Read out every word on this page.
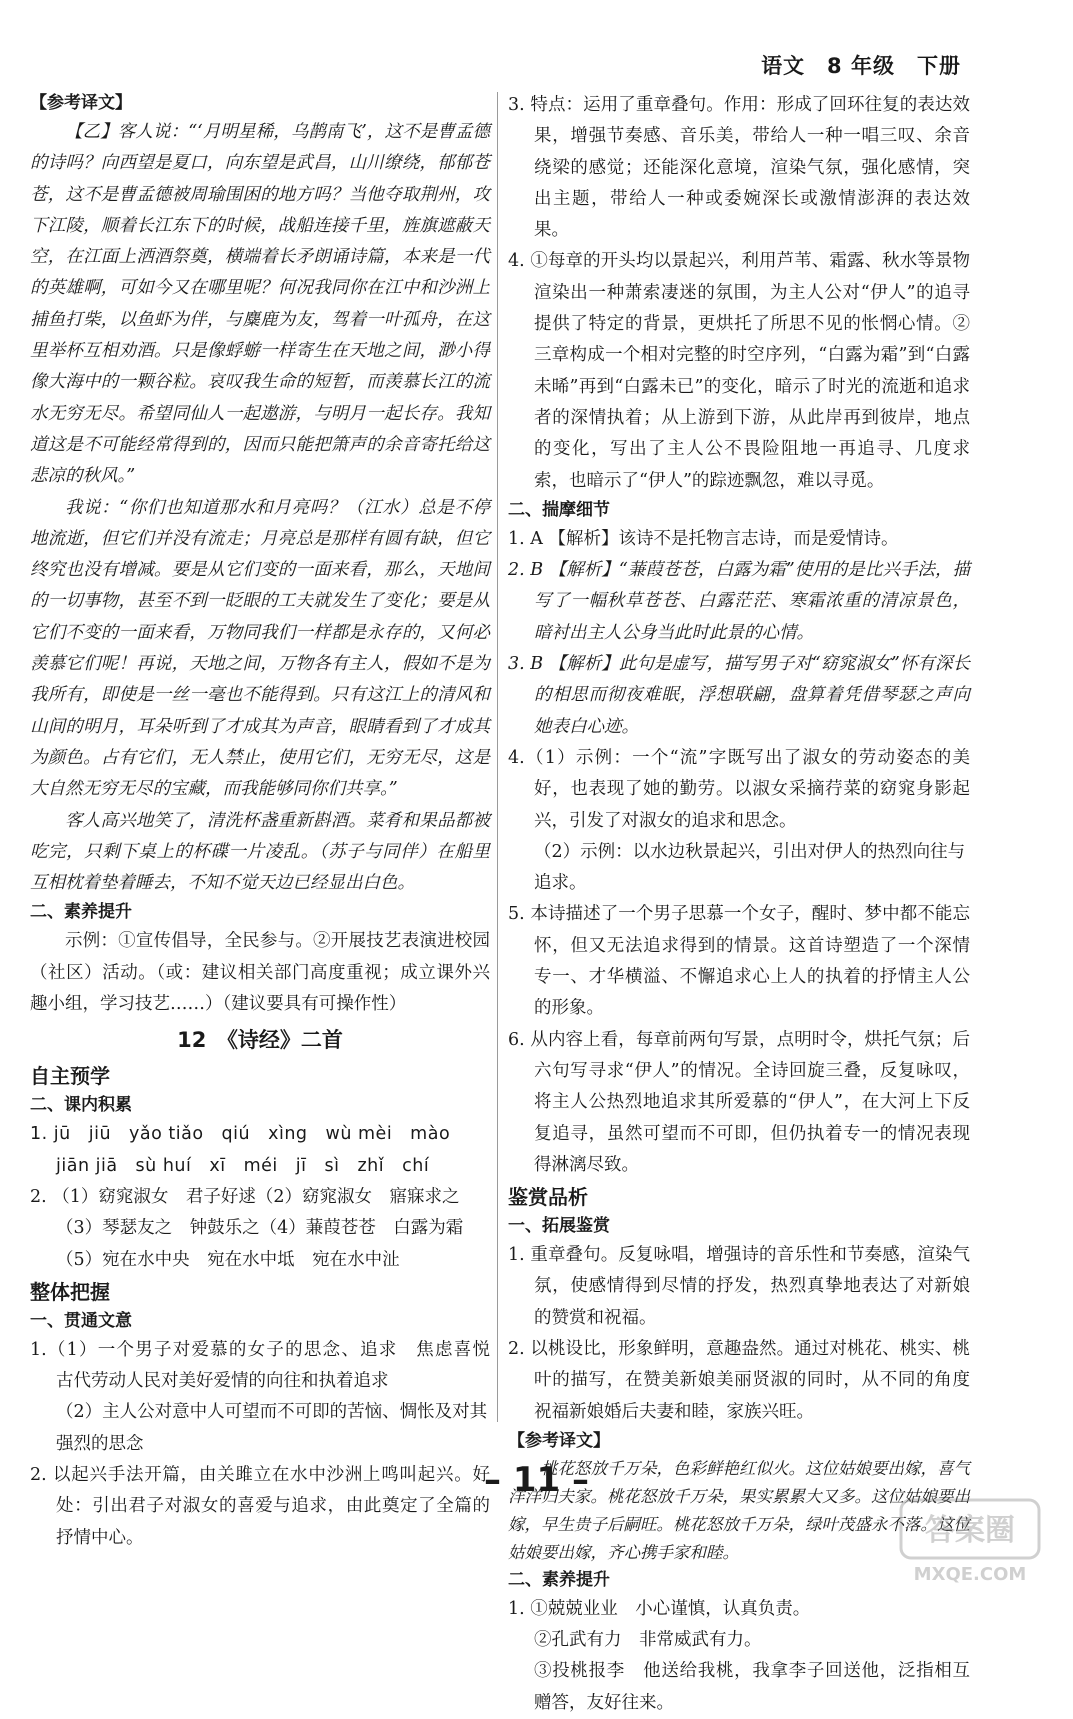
语文　8 年级　下册
【参考译文】
【乙】客人说：“‘月明星稀，乌鹊南飞’，这不是曹孟德的诗吗？向西望是夏口，向东望是武昌，山川缭绕，郁郁苍苍，这不是曹孟德被周瑜围困的地方吗？当他夺取荆州，攻下江陵，顺着长江东下的时候，战船连接千里，旌旗遮蔽天空，在江面上洒酒祭奠，横端着长矛朗诵诗篇，本来是一代的英雄啊，可如今又在哪里呢？何况我同你在江中和沙洲上捕鱼打柴，以鱼虾为伴，与麋鹿为友，驾着一叶孤舟，在这里举杯互相劝酒。只是像蜉蝣一样寄生在天地之间，渺小得像大海中的一颗谷粒。哀叹我生命的短暂，而羡慕长江的流水无穷无尽。希望同仙人一起遨游，与明月一起长存。我知道这是不可能经常得到的，因而只能把箫声的余音寄托给这悲凉的秋风。”
我说：“你们也知道那水和月亮吗？（江水）总是不停地流逝，但它们并没有流走；月亮总是那样有圆有缺，但它终究也没有增减。要是从它们变的一面来看，那么，天地间的一切事物，甚至不到一眨眼的工夫就发生了变化；要是从它们不变的一面来看，万物同我们一样都是永存的，又何必羡慕它们呢！再说，天地之间，万物各有主人，假如不是为我所有，即使是一丝一毫也不能得到。只有这江上的清风和山间的明月，耳朵听到了才成其为声音，眼睛看到了才成其为颜色。占有它们，无人禁止，使用它们，无穷无尽，这是大自然无穷无尽的宝藏，而我能够同你们共享。”
客人高兴地笑了，清洗杯盏重新斟酒。菜肴和果品都被吃完，只剩下桌上的杯碟一片凌乱。（苏子与同伴）在船里互相枕着垫着睡去，不知不觉天边已经显出白色。
二、素养提升
示例：①宣传倡导，全民参与。②开展技艺表演进校园（社区）活动。（或：建议相关部门高度重视；成立课外兴趣小组，学习技艺……）（建议要具有可操作性）
12　《诗经》二首
自主预学
二、课内积累
1. jū　jiū　yǎo tiǎo　qiú　xìng　wù mèi　mào
jiān jiā　sù huí　xī　méi　jī　sì　zhǐ　chí
2. （1）窈窕淑女　君子好逑（2）窈窕淑女　寤寐求之
（3）琴瑟友之　钟鼓乐之（4）蒹葭苍苍　白露为霜
（5）宛在水中央　宛在水中坻　宛在水中沚
整体把握
一、贯通文意
1.（1）一个男子对爱慕的女子的思念、追求　焦虑喜悦　古代劳动人民对美好爱情的向往和执着追求
（2）主人公对意中人可望而不可即的苦恼、惆怅及对其强烈的思念
2. 以起兴手法开篇，由关雎立在水中沙洲上鸣叫起兴。好处：引出君子对淑女的喜爱与追求，由此奠定了全篇的抒情中心。
3. 特点：运用了重章叠句。作用：形成了回环往复的表达效果，增强节奏感、音乐美，带给人一种一唱三叹、余音绕梁的感觉；还能深化意境，渲染气氛，强化感情，突出主题，带给人一种或委婉深长或激情澎湃的表达效果。
4. ①每章的开头均以景起兴，利用芦苇、霜露、秋水等景物渲染出一种萧索凄迷的氛围，为主人公对“伊人”的追寻提供了特定的背景，更烘托了所思不见的怅惘心情。②三章构成一个相对完整的时空序列，“白露为霜”到“白露未晞”再到“白露未已”的变化，暗示了时光的流逝和追求者的深情执着；从上游到下游，从此岸再到彼岸，地点的变化，写出了主人公不畏险阻地一再追寻、几度求索，也暗示了“伊人”的踪迹飘忽，难以寻觅。
二、揣摩细节
1. A 【解析】该诗不是托物言志诗，而是爱情诗。
2. B 【解析】“蒹葭苍苍，白露为霜”使用的是比兴手法，描写了一幅秋草苍苍、白露茫茫、寒霜浓重的清凉景色，暗衬出主人公身当此时此景的心情。
3. B 【解析】此句是虚写，描写男子对“窈窕淑女”怀有深长的相思而彻夜难眠，浮想联翩，盘算着凭借琴瑟之声向她表白心迹。
4.（1）示例：一个“流”字既写出了淑女的劳动姿态的美好，也表现了她的勤劳。以淑女采摘荇菜的窈窕身影起兴，引发了对淑女的追求和思念。
（2）示例：以水边秋景起兴，引出对伊人的热烈向往与追求。
5. 本诗描述了一个男子思慕一个女子，醒时、梦中都不能忘怀，但又无法追求得到的情景。这首诗塑造了一个深情专一、才华横溢、不懈追求心上人的执着的抒情主人公的形象。
6. 从内容上看，每章前两句写景，点明时令，烘托气氛；后六句写寻求“伊人”的情况。全诗回旋三叠，反复咏叹，将主人公热烈地追求其所爱慕的“伊人”，在大河上下反复追寻，虽然可望而不可即，但仍执着专一的情况表现得淋漓尽致。
鉴赏品析
一、拓展鉴赏
1. 重章叠句。反复咏唱，增强诗的音乐性和节奏感，渲染气氛，使感情得到尽情的抒发，热烈真挚地表达了对新娘的赞赏和祝福。
2. 以桃设比，形象鲜明，意趣盎然。通过对桃花、桃实、桃叶的描写，在赞美新娘美丽贤淑的同时，从不同的角度祝福新娘婚后夫妻和睦，家族兴旺。
【参考译文】
桃花怒放千万朵，色彩鲜艳红似火。这位姑娘要出嫁，喜气洋洋归夫家。桃花怒放千万朵，果实累累大又多。这位姑娘要出嫁，早生贵子后嗣旺。桃花怒放千万朵，绿叶茂盛永不落。这位姑娘要出嫁，齐心携手家和睦。
二、素养提升
1. ①兢兢业业　小心谨慎，认真负责。
②孔武有力　非常威武有力。
③投桃报李　他送给我桃，我拿李子回送他，泛指相互赠答，友好往来。
– 11 –
答案圈
MXQE.COM
